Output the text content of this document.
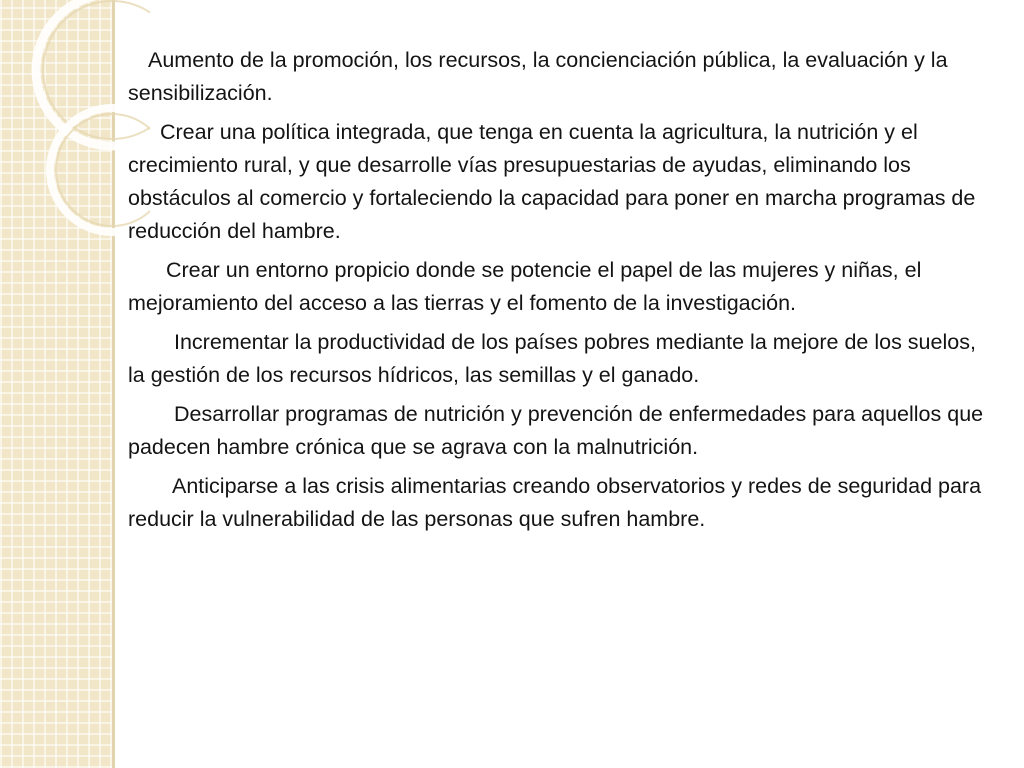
Aumento de la promoción, los recursos, la concienciación pública, la evaluación y la sensibilización.

Crear una política integrada, que tenga en cuenta la agricultura, la nutrición y el crecimiento rural, y que desarrolle vías presupuestarias de ayudas, eliminando los obstáculos al comercio y fortaleciendo la capacidad para poner en marcha programas de reducción del hambre.

Crear un entorno propicio donde se potencie el papel de las mujeres y niñas, el mejoramiento del acceso a las tierras y el fomento de la investigación.

Incrementar la productividad de los países pobres mediante la mejore de los suelos, la gestión de los recursos hídricos, las semillas y el ganado.

Desarrollar programas de nutrición y prevención de enfermedades para aquellos que padecen hambre crónica que se agrava con la malnutrición.

Anticiparse a las crisis alimentarias creando observatorios y redes de seguridad para reducir la vulnerabilidad de las personas que sufren hambre.
